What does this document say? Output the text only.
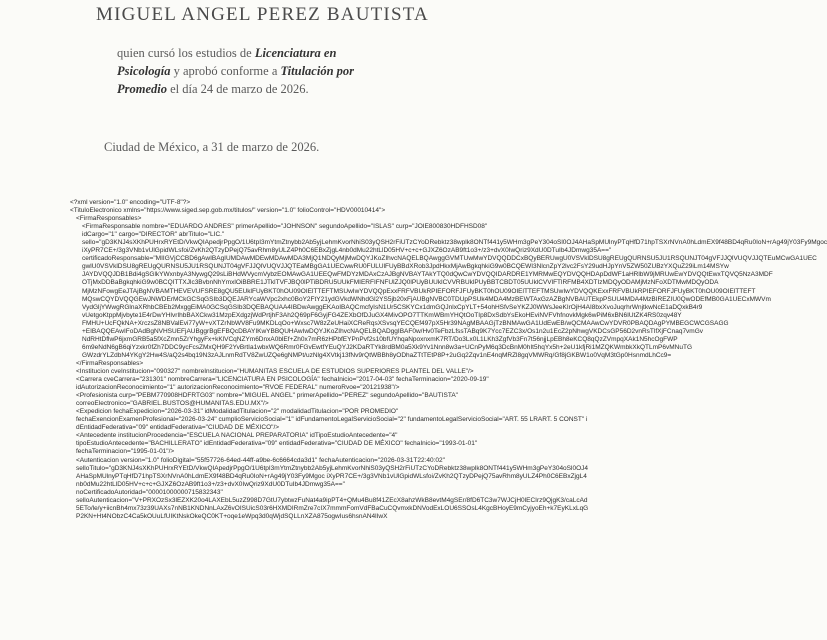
MIGUEL ANGEL PEREZ BAUTISTA
quien cursó los estudios de Licenciatura en Psicología y aprobó conforme a Titulación por Promedio el día 24 de marzo de 2026.
Ciudad de México, a 31 de marzo de 2026.
<?xml version="1.0" encoding="UTF-8"?>
<TituloElectronico xmlns="https://www.siged.sep.gob.mx/titulos/" version="1.0" folioControl="HDV00010414">
<FirmaResponsables>
<FirmaResponsable nombre="EDUARDO ANDRES" primerApellido="JOHNSON" segundoApellido="ISLAS" curp="JOIE800830HDFHSD08"
idCargo="1" cargo="DIRECTOR" abrTitulo="LIC."
sello="gD3KNJ4sXKhPUHrxRYEtD/VkwQIApedjrPpgO/1U6tpI3mYtmZtnybb2Ab5yjLehmKvorNhiS03yQSH2rFiUTzCYoDRebktz38wplk8ONTf441y5WHm3gPeY304oSl0OJ4AHaSpMUlnyPTqHfD71hpTSXrNVnA0hLdmEX9f48BD4qRu0IoN+rAg49jY03Fy9Mgoc
iXyPR7CE+/3g3VNb1vUlGpidWLsfoi/ZvKh2QTzyDPejQ75avRhm8yULZ4Ph0C6EBxZjgL4nb0dMu22htLlD05HV+c+c+GJXZ6OzAB9ft1o3+/z3+dvX0IwQriz9XdU0DTuIb4JDmwg35A=="
certificadoResponsable="MIIGVjCCBD6gAwIBAgIUMDAwMDEwMDAwMDA3MjQ1NDQyMjMwDQYJKoZIhvcNAQELBQAwggGVMTUwMwYDVQQDDCxBQyBERUwgU0VSVklDSU8gREUgQURNSU5JU1RSQUNJT04gVFJJQlVUQVJJQTEuMCwGA1UEC
gwlU0VSVklDSU8gREUgQURNSU5JU1RSQUNJT04gVFJJQlVUQVJJQTEaMBgGA1UECwwRU0FULUlFUyBBdXRob3JpdHkxMjAwBgkqhkiG9w0BCQEWI3NlcnZpY2lvc2FsY29udHJpYnV5ZW50ZUBzYXQuZ29iLm14MSYw
JAYDVQQJDB1Bdi4gSGlkYWxnbyA3NywgQ29sLiBHdWVycmVybzEOMAwGA1UEEQwFMDYzMDAxCzAJBgNVBAYTAkYTQ0dQwCwYDVQQIDARDRE1YMRMwEQYDVQQHDApDdWF1aHRlbW9jMRUwEwYDVQQtEwxTQVQ5NzA3MDF
OTjMxDDBaBgkqhkiG9w0BCQITTXJlc3BvbnNhYmxlOiBBRE1JTklTVFJBQ0lPTiBDRU5UUkFMIERFIFNFUlZJQ0lPUyBUUklCVVRBUklPUyBBTCBDT05UUklCVVlFTlRFMB4XDTIzMDQyODAMjMzNFoXDTMwMDQyODA
MjMzNFowgEeJTAjBgNVBAMTHEVEVUFSRE8gQU5EUklFUyBKT0hOU09OIElTTEFTMSUwIwYDVQQpExxFRFVBUkRPIEFORFJFUyBKT0hOU09OIElTTEFTMSUwIwYDVQQKExxFRFVBUkRPIEFORFJFUyBKT0hOU09OIElTTEFT
MQswCQYDVQQGEwJNWDErMCkGCSqGSIb3DQEJARYcaWVpc2xhc0BoY2FtY21ydGVkdWNhdGl2YS5jb20xFjAUBgNVBC0TDUpPSUk4MDA4MzBEWTAxGzAZBgNVBAUTEkpPSUU4MDA4MzBIREZIU0QwODEfMB0GA1UECxMWVm
VydGljYWwgRGlnaXRhbCBEb2MxggEiMA0GCSqGSIb3DQEBAQUAA4IBDwAwggEKAoIBAQCmcfyIsN1Ur5CSKYCx1dmGQJnlxCpYLT+54ohHSfvSeYKZJ0WWsJeeKIrOjH4AI8bxXvoJuqrhrWnjtkwNcE1aDQxkB4r9
vUetgoKtppMjvbyte1E4rDwYHlvrIhbBAXCkw31MzpEXdgzjWdPrtjhF3Ah2Q69pF6GyjFG4ZEXbOfDJuGX4MivOPO7TTKmWBmYHQtOoTIp8DxSdbYsEkoHEviNVFVhfnovkMgk6wPiM6xBN6IUtZK4RS0zqv48Y
FMHU+UcFQkNA+XrczsZ8NBValEvi77yW+vXTZrNbWV8Fu9MKDLqOo+Wxsc7W8zZeUHaiXCReRqsXSvsqYECQEf497pX5Hr39NAgMBAAGjTzBNMAwGA1UdEwEB/wQCMAAwCwYDVR0PBAQDAgPYMBEGCWCGSAGG
+EIBAQQEAwIFoDAdBgNVHSUEFjAUBggrBgEFBQcDBAYIKwYBBQUHAwIwDQYJKoZIhvcNAQELBQADggIBAF0w/Hv0TeFbzLfssTABq9K7Ycc7EZC3x/Os1n2u1EcZ2pNhwgVKDCsGP56D2vnRsTlfXjFCnaq7vmGv
NdRHtDflwP6jxmGRB5a5fXcZmn5ZrYhgyFx+kKlVCqNZYm6DnxA0blEf+Zh0x7mR6zHPbfEYPnPvf2s10bfUYhqaNpoxnxmK7RT/Do3Lx0L1LKh3ZgfVb3Fn7t56njjLpEBh8eKCQ8qQzZVmpqXAk1N5hcOgFWP
6m9eNdN6gB6qiYzxkr0fZh7DDC9ycFcsZMxQH9F2YvBrtIa1wbxWQ6Rmr0FGvEwtfYEuQYJ2KDaRTYk8rdBM0a5Xk9Yv1Nnn8w3a+UCnPyM6q3DcBnM0hIt5hqYx5h+2eU1kfjRi1MZQKWmbkXkQTLmP6vMNuTG
GWzdrYLZdbN4YKgY2Hw4S/aQ2s4bq19N3zAJLnmRdTV8ZwUZQe6gNMPt/uzNlg4XVtkj13fNv9rQtWBBh8yODhaZTtTEtP8P+2uGq2Zqv1nE4nqMRZl8gqVMWRq/Gf8jGKBW1o0VqM3tGp0HsnmdLhCc9=
</FirmaResponsables>
<Institucion cveInstitucion="090327" nombreInstitucion="HUMANITAS ESCUELA DE ESTUDIOS SUPERIORES PLANTEL DEL VALLE"/>
<Carrera cveCarrera="231301" nombreCarrera="LICENCIATURA EN PSICOLOGÍA" fechaInicio="2017-04-03" fechaTerminacion="2020-09-19"
idAutorizacionReconocimiento="1" autorizacionReconocimiento="RVOE FEDERAL" numeroRvoe="20121938"/>
<Profesionista curp="PEBM770908HDFRTG03" nombre="MIGUEL ANGEL" primerApellido="PEREZ" segundoApellido="BAUTISTA"
correoElectronico="GABRIEL.BUSTOS@HUMANITAS.EDU.MX"/>
<Expedicion fechaExpedicion="2026-03-31" idModalidadTitulacion="2" modalidadTitulacion="POR PROMEDIO"
fechaExencionExamenProfesional="2026-03-24" cumplioServicioSocial="1" idFundamentoLegalServicioSocial="2" fundamentoLegalServicioSocial="ART. 55 LRART. 5 CONST" idEntidadFederativa="09" entidadFederativa="CIUDAD DE MÉXICO"/>
<Antecedente institucionProcedencia="ESCUELA NACIONAL PREPARATORIA" idTipoEstudioAntecedente="4"
tipoEstudioAntecedente="BACHILLERATO" idEntidadFederativa="09" entidadFederativa="CIUDAD DE MÉXICO" fechaInicio="1993-01-01"
fechaTerminacion="1995-01-01"/>
<Autenticacion version="1.0" folioDigital="55f57726-64ed-44ff-a9be-6c6664cda3d1" fechaAutenticacion="2026-03-31T22:40:02"
selloTitulo="gD3KNJ4sXKhPUHrxRYEtD/VkwQIApedjrPpgO/1U6tpI3mYtmZtnybb2Ab5yjLehmKvorNhiS03yQSH2rFiUTzCYoDRebktz38wplk8ONTf441y5WHm3gPeY304oSl0OJ4AHaSpMUlnyPTqHfD71hpTSXrNVnA0hLdmEX9f48BD4qRu0IoN+rAg49jY03Fy9Mgoc iXyPR7CE+/3g3VNb1vUlGpidWLsfoi/ZvKh2QTzyDPejQ75avRhm8yULZ4Ph0C6EBxZjgL4nb0dMu22htLlD05HV+c+c+GJXZ6OzAB9ft1o3+/z3+dvX0IwQriz9XdU0DTuIb4JDmwg35A=="
noCertificadoAutoridad="00001000000715832343"
selloAutenticacion="V+PRXOzSx3lEZXK20o4LAXEbL5uzZ998D7GtU7ybtwzFuNat4a9ipPT4+QMu4Bu8f41ZEcX8ahzWkB8evtM4gSEr/8fD6TC3w7WJCjH0lECIrz9QjgK3/caLcAd5ETo/le/y+iicnBh4mx73z39UAXs7nNB1KNDNnLAxZ6vOISUicS03r6HXMDIRmZre7cIX7mmmFomVdFBaCuCQvmxkDNVodExLOU6SSOsL4KgcBHoyE9mCyjyoEh+k7EyKLxLqGP2KN+Ht4NObzC4Ca5kOUuLfUIKtNskOkeQC0KT+oqe1eWpq3d0qWjdSQLLnXZA875ogwIus6hsnAN4lIwX
